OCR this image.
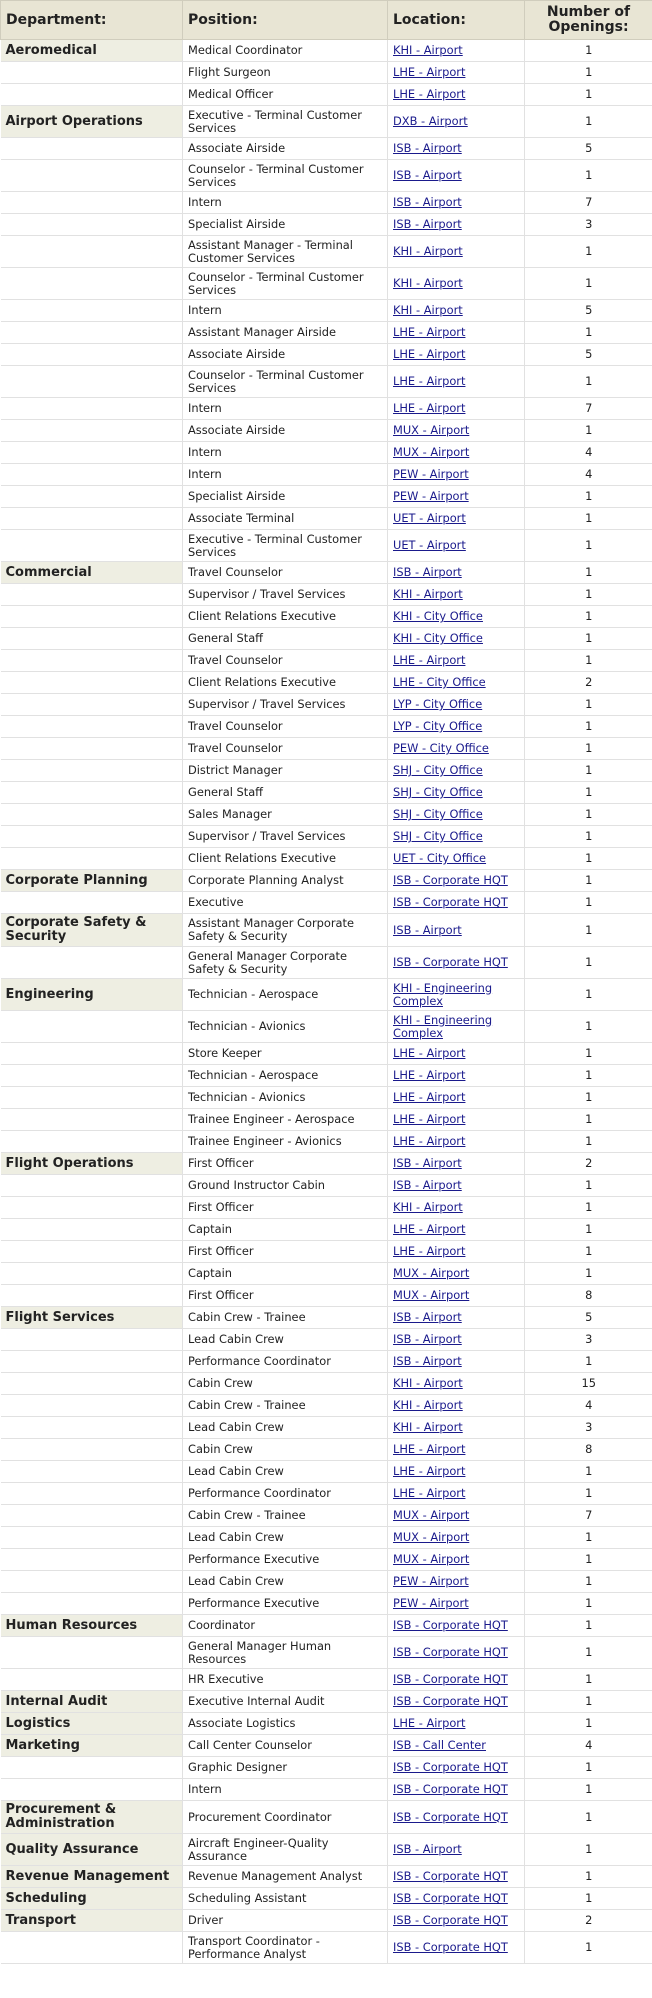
Department:	Position:	Location:	Number of Openings:
Aeromedical	Medical Coordinator	KHI - Airport	1
	Flight Surgeon	LHE - Airport	1
	Medical Officer	LHE - Airport	1
Airport Operations	Executive - Terminal Customer Services	DXB - Airport	1
	Associate Airside	ISB - Airport	5
	Counselor - Terminal Customer Services	ISB - Airport	1
	Intern	ISB - Airport	7
	Specialist Airside	ISB - Airport	3
	Assistant Manager - Terminal Customer Services	KHI - Airport	1
	Counselor - Terminal Customer Services	KHI - Airport	1
	Intern	KHI - Airport	5
	Assistant Manager Airside	LHE - Airport	1
	Associate Airside	LHE - Airport	5
	Counselor - Terminal Customer Services	LHE - Airport	1
	Intern	LHE - Airport	7
	Associate Airside	MUX - Airport	1
	Intern	MUX - Airport	4
	Intern	PEW - Airport	4
	Specialist Airside	PEW - Airport	1
	Associate Terminal	UET - Airport	1
	Executive - Terminal Customer Services	UET - Airport	1
Commercial	Travel Counselor	ISB - Airport	1
	Supervisor / Travel Services	KHI - Airport	1
	Client Relations Executive	KHI - City Office	1
	General Staff	KHI - City Office	1
	Travel Counselor	LHE - Airport	1
	Client Relations Executive	LHE - City Office	2
	Supervisor / Travel Services	LYP - City Office	1
	Travel Counselor	LYP - City Office	1
	Travel Counselor	PEW - City Office	1
	District Manager	SHJ - City Office	1
	General Staff	SHJ - City Office	1
	Sales Manager	SHJ - City Office	1
	Supervisor / Travel Services	SHJ - City Office	1
	Client Relations Executive	UET - City Office	1
Corporate Planning	Corporate Planning Analyst	ISB - Corporate HQT	1
	Executive	ISB - Corporate HQT	1
Corporate Safety & Security	Assistant Manager Corporate Safety & Security	ISB - Airport	1
	General Manager Corporate Safety & Security	ISB - Corporate HQT	1
Engineering	Technician - Aerospace	KHI - Engineering Complex	1
	Technician - Avionics	KHI - Engineering Complex	1
	Store Keeper	LHE - Airport	1
	Technician - Aerospace	LHE - Airport	1
	Technician - Avionics	LHE - Airport	1
	Trainee Engineer - Aerospace	LHE - Airport	1
	Trainee Engineer - Avionics	LHE - Airport	1
Flight Operations	First Officer	ISB - Airport	2
	Ground Instructor Cabin	ISB - Airport	1
	First Officer	KHI - Airport	1
	Captain	LHE - Airport	1
	First Officer	LHE - Airport	1
	Captain	MUX - Airport	1
	First Officer	MUX - Airport	8
Flight Services	Cabin Crew - Trainee	ISB - Airport	5
	Lead Cabin Crew	ISB - Airport	3
	Performance Coordinator	ISB - Airport	1
	Cabin Crew	KHI - Airport	15
	Cabin Crew - Trainee	KHI - Airport	4
	Lead Cabin Crew	KHI - Airport	3
	Cabin Crew	LHE - Airport	8
	Lead Cabin Crew	LHE - Airport	1
	Performance Coordinator	LHE - Airport	1
	Cabin Crew - Trainee	MUX - Airport	7
	Lead Cabin Crew	MUX - Airport	1
	Performance Executive	MUX - Airport	1
	Lead Cabin Crew	PEW - Airport	1
	Performance Executive	PEW - Airport	1
Human Resources	Coordinator	ISB - Corporate HQT	1
	General Manager Human Resources	ISB - Corporate HQT	1
	HR Executive	ISB - Corporate HQT	1
Internal Audit	Executive Internal Audit	ISB - Corporate HQT	1
Logistics	Associate Logistics	LHE - Airport	1
Marketing	Call Center Counselor	ISB - Call Center	4
	Graphic Designer	ISB - Corporate HQT	1
	Intern	ISB - Corporate HQT	1
Procurement & Administration	Procurement Coordinator	ISB - Corporate HQT	1
Quality Assurance	Aircraft Engineer-Quality Assurance	ISB - Airport	1
Revenue Management	Revenue Management Analyst	ISB - Corporate HQT	1
Scheduling	Scheduling Assistant	ISB - Corporate HQT	1
Transport	Driver	ISB - Corporate HQT	2
	Transport Coordinator - Performance Analyst	ISB - Corporate HQT	1
